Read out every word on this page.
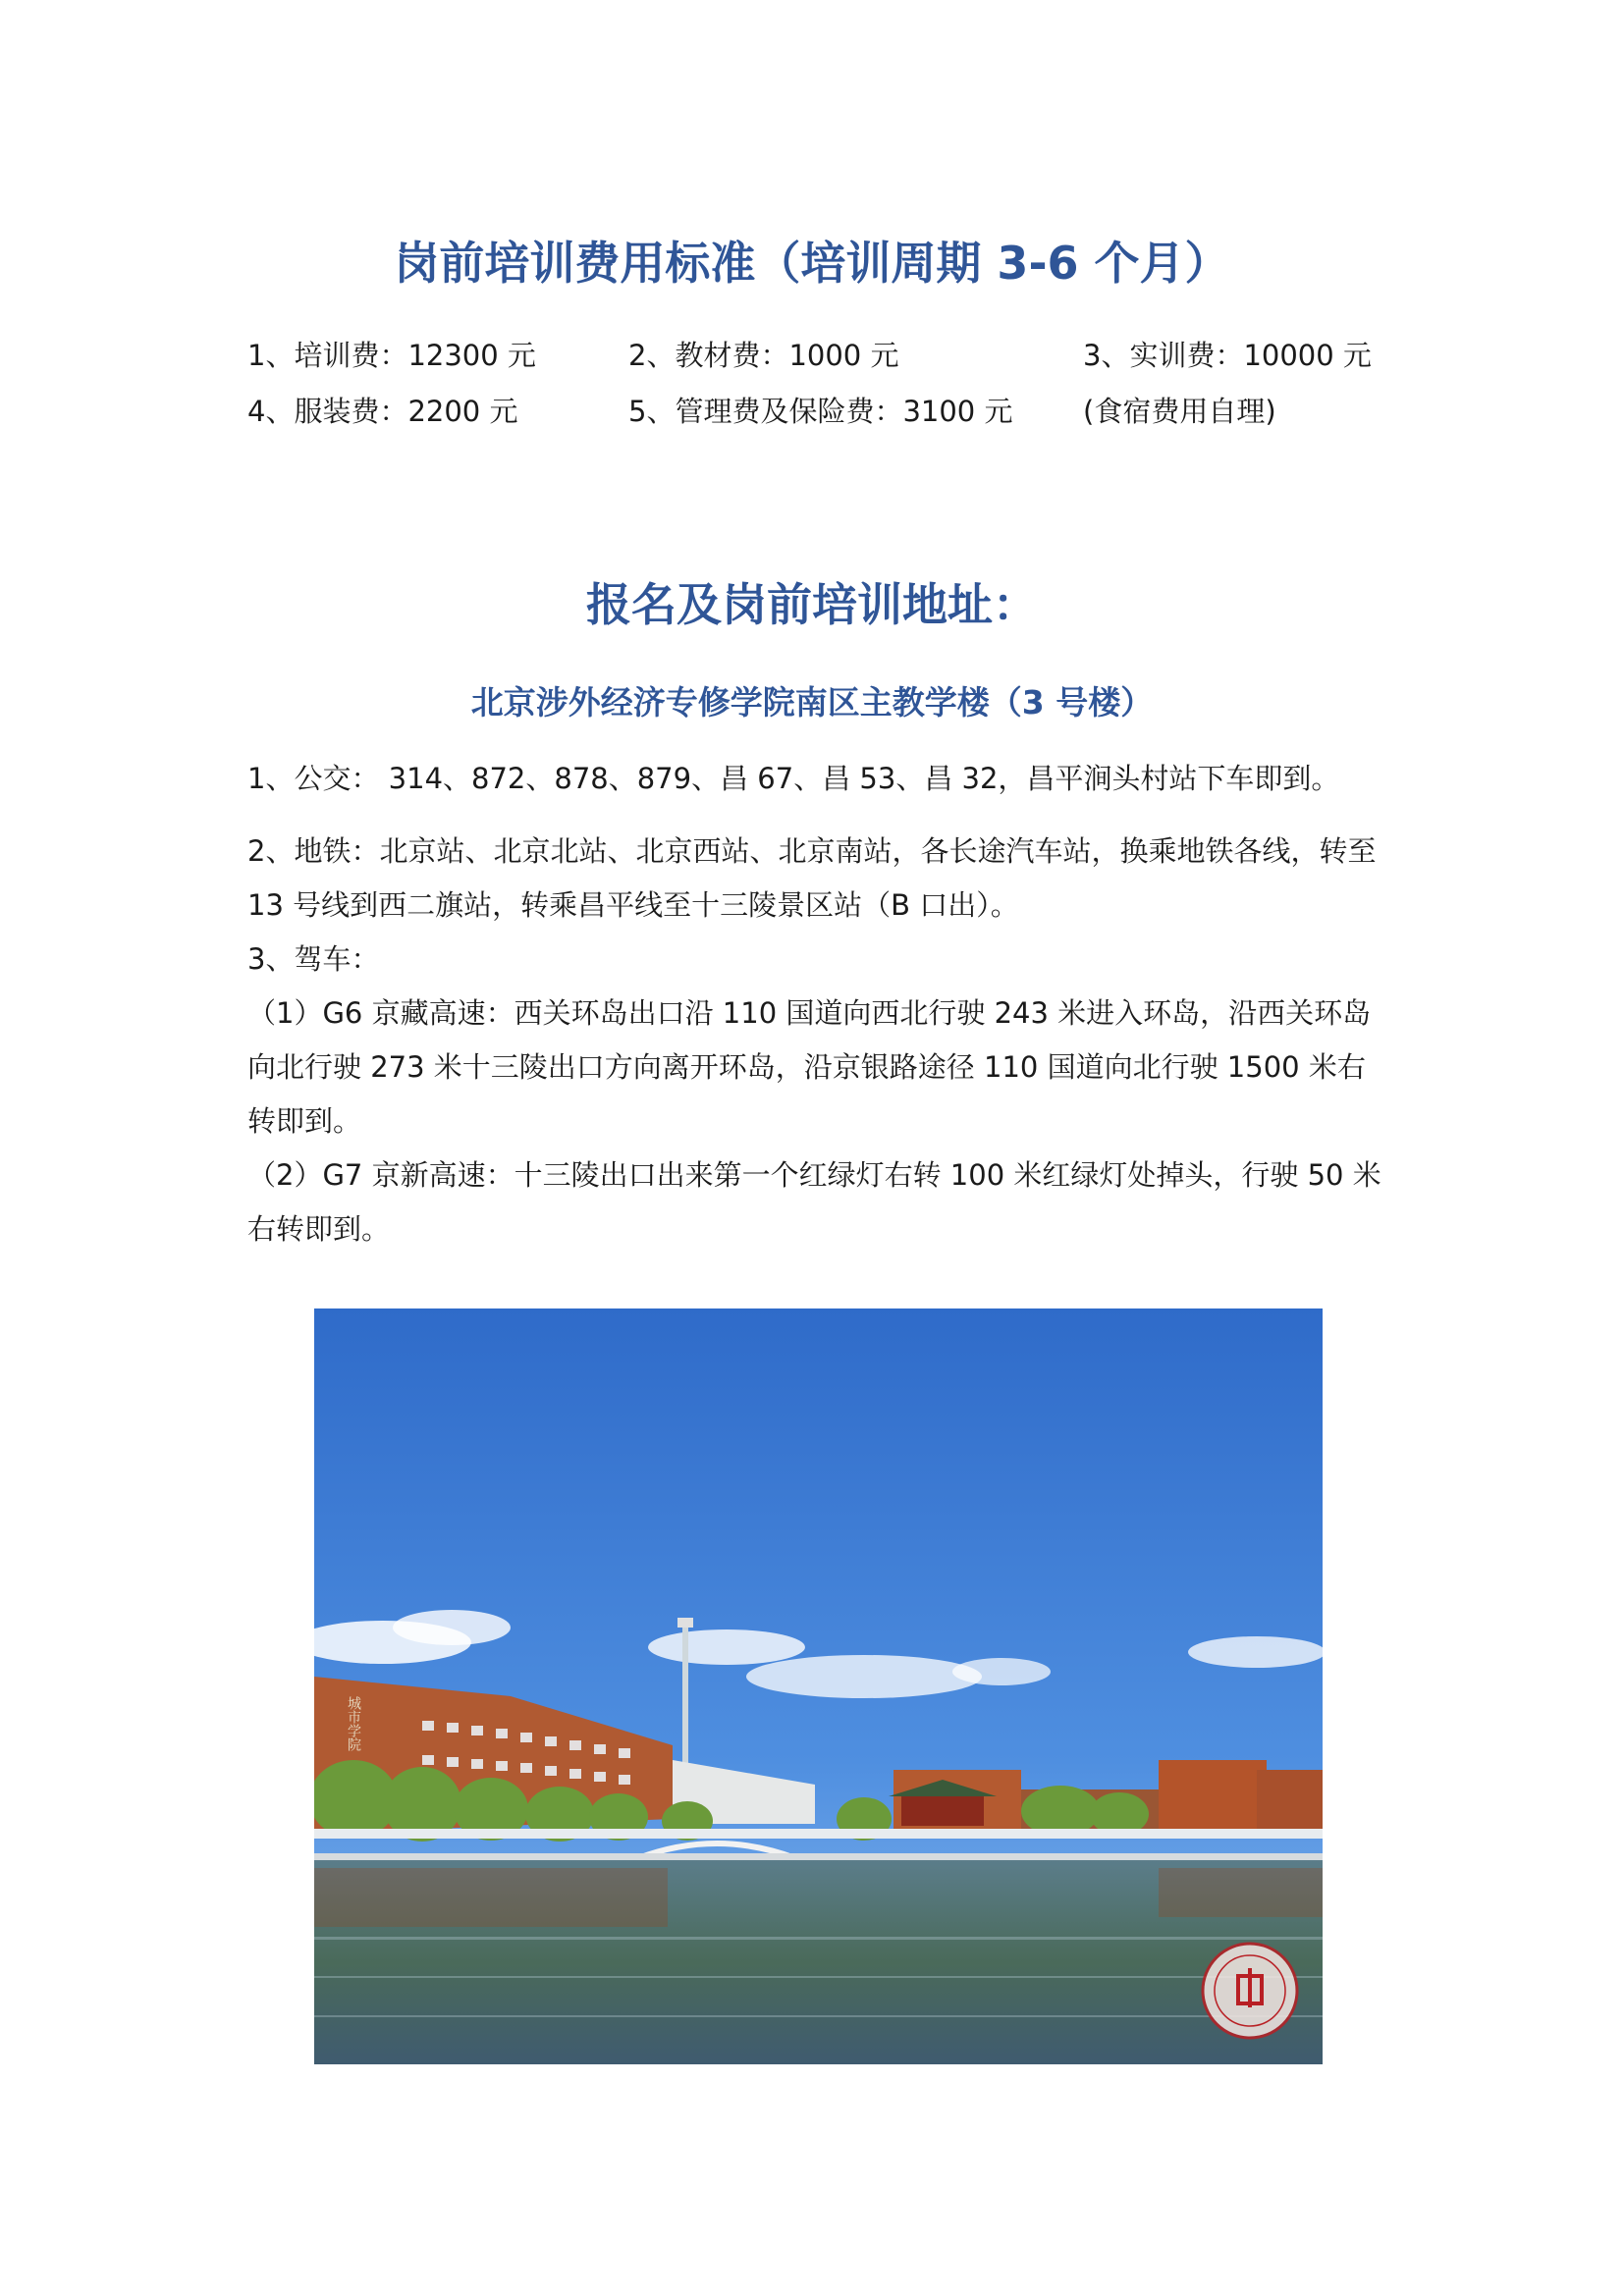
岗前培训费用标准（培训周期 3-6 个月）
1、培训费：12300 元	2、教材费：1000 元	3、实训费：10000 元
4、服装费：2200 元	5、管理费及保险费：3100 元 (食宿费用自理)
报名及岗前培训地址：
北京涉外经济专修学院南区主教学楼（3 号楼）
1、公交： 314、872、878、879、昌 67、昌 53、昌 32，昌平涧头村站下车即到。
2、地铁：北京站、北京北站、北京西站、北京南站，各长途汽车站，换乘地铁各线，转至13 号线到西二旗站，转乘昌平线至十三陵景区站（B 口出）。
3、驾车：
（1）G6 京藏高速：西关环岛出口沿 110 国道向西北行驶 243 米进入环岛，沿西关环岛向北行驶 273 米十三陵出口方向离开环岛，沿京银路途径 110 国道向北行驶 1500 米右转即到。
（2）G7 京新高速：十三陵出口出来第一个红绿灯右转 100 米红绿灯处掉头，行驶 50 米右转即到。
城市学院
